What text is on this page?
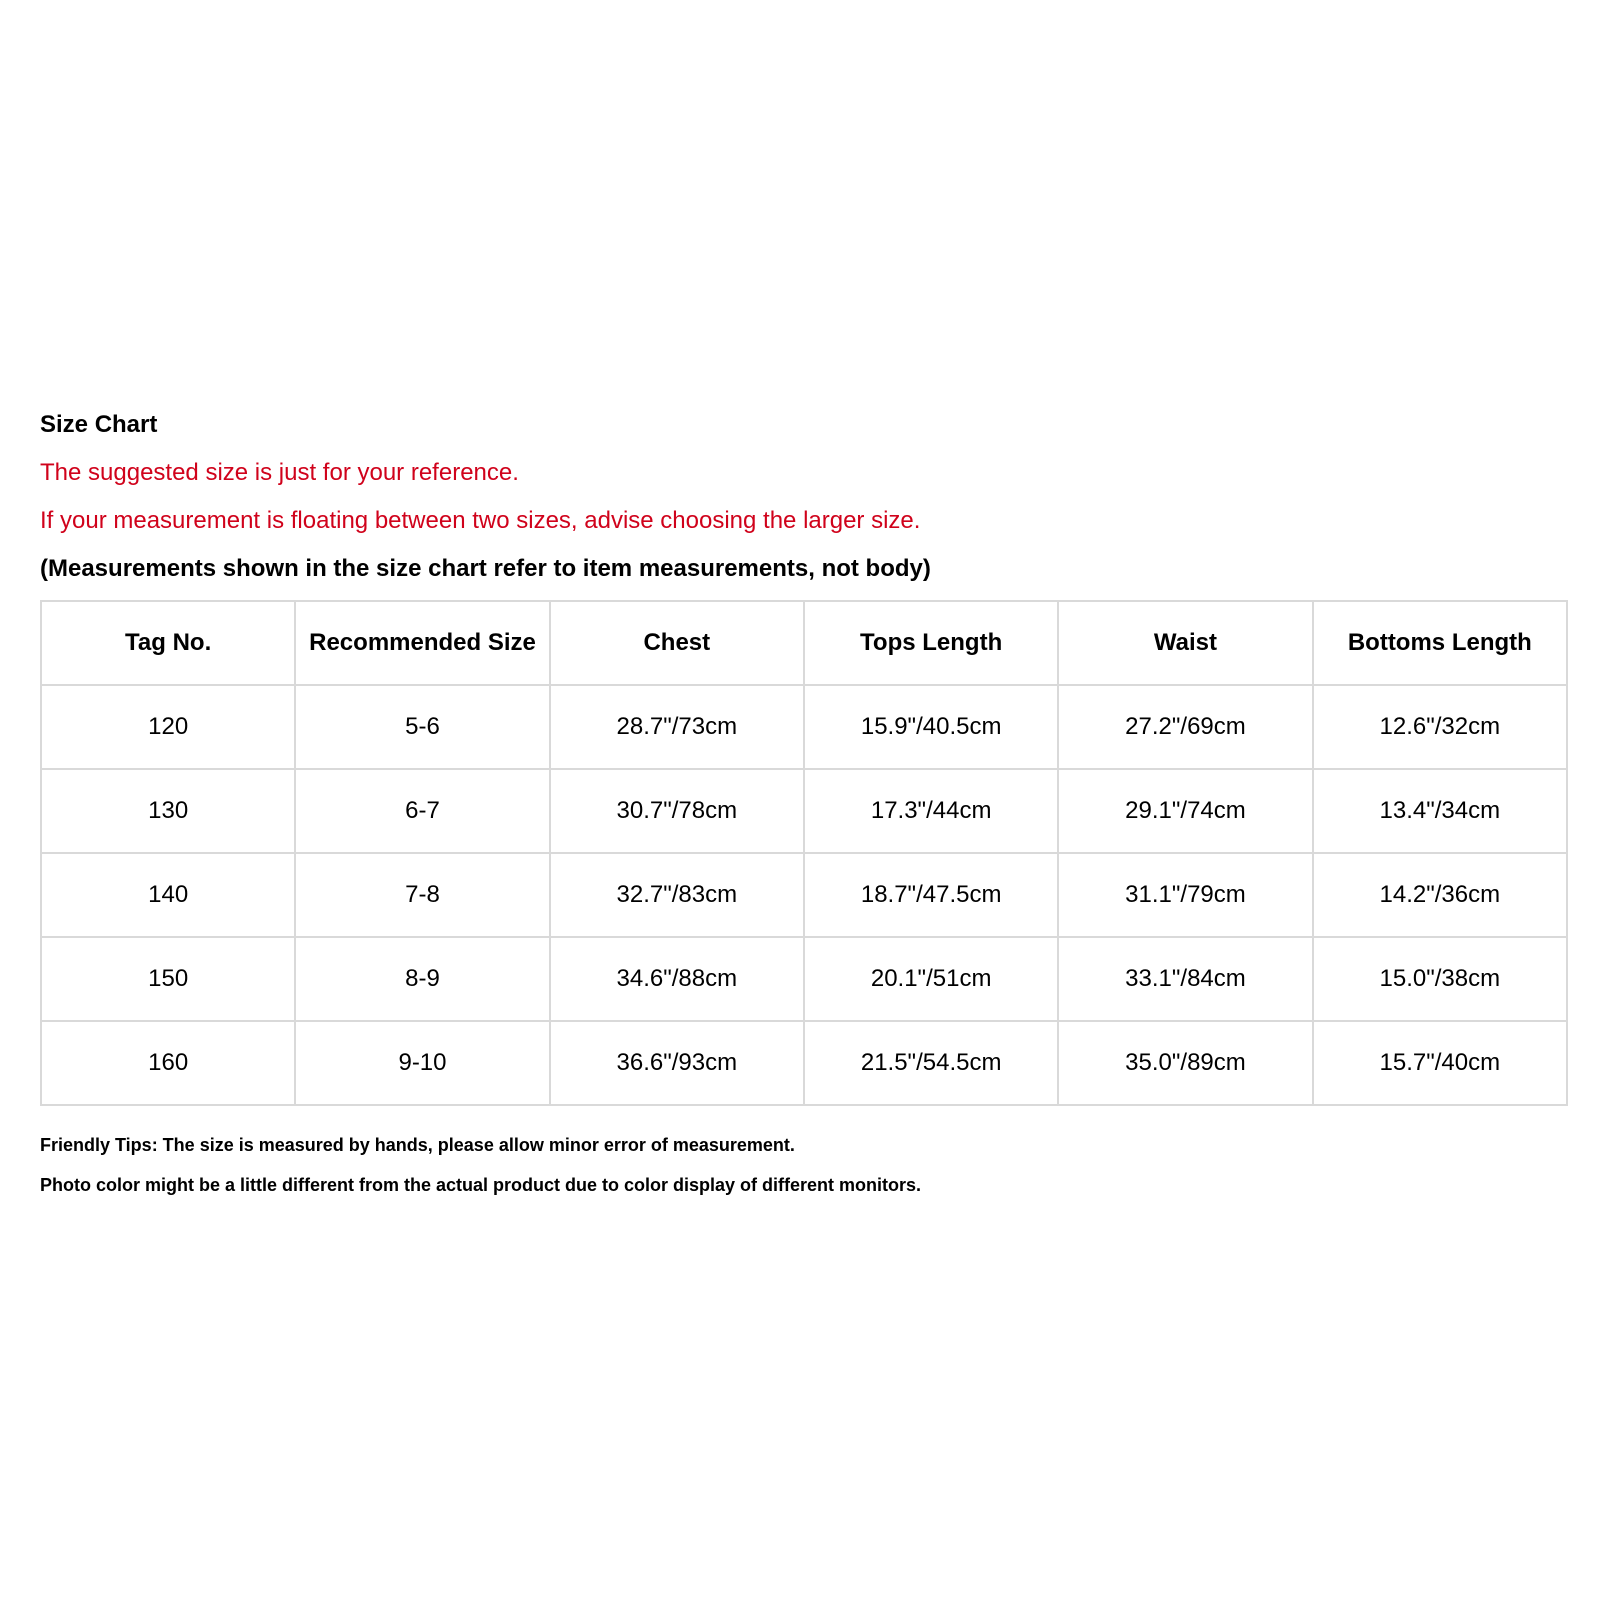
Size Chart
The suggested size is just for your reference.
If your measurement is floating between two sizes, advise choosing the larger size.
(Measurements shown in the size chart refer to item measurements, not body)
Tag No.	Recommended Size	Chest	Tops Length	Waist	Bottoms Length
120	5-6	28.7"/73cm	15.9"/40.5cm	27.2"/69cm	12.6"/32cm
130	6-7	30.7"/78cm	17.3"/44cm	29.1"/74cm	13.4"/34cm
140	7-8	32.7"/83cm	18.7"/47.5cm	31.1"/79cm	14.2"/36cm
150	8-9	34.6"/88cm	20.1"/51cm	33.1"/84cm	15.0"/38cm
160	9-10	36.6"/93cm	21.5"/54.5cm	35.0"/89cm	15.7"/40cm
Friendly Tips: The size is measured by hands, please allow minor error of measurement.
Photo color might be a little different from the actual product due to color display of different monitors.
